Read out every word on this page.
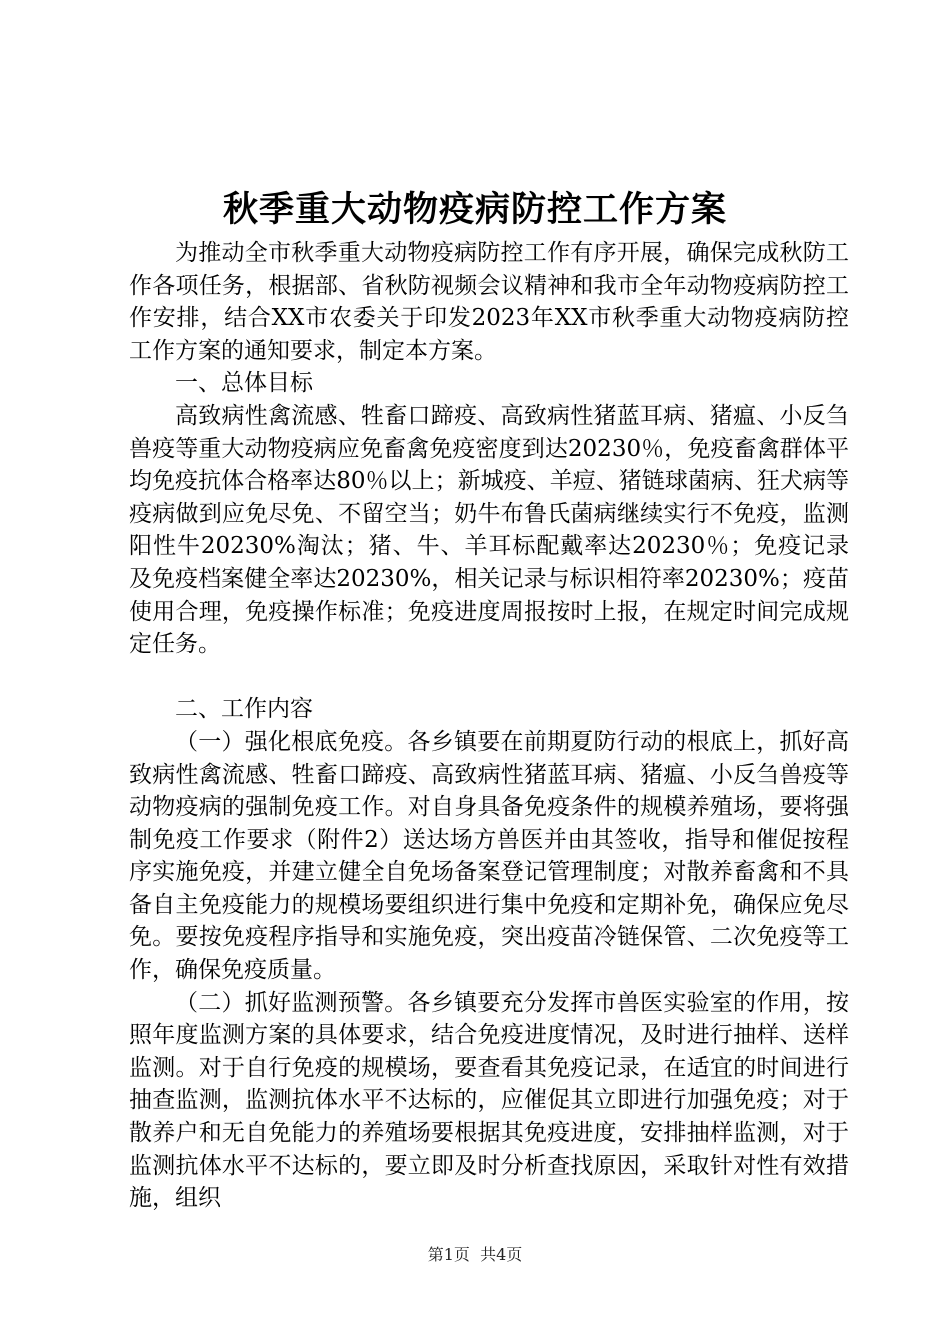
秋季重大动物疫病防控工作方案

为推动全市秋季重大动物疫病防控工作有序开展，确保完成秋防工作各项任务，根据部、省秋防视频会议精神和我市全年动物疫病防控工作安排，结合XX市农委关于印发2023年XX市秋季重大动物疫病防控工作方案的通知要求，制定本方案。

一、总体目标

高致病性禽流感、牲畜口蹄疫、高致病性猪蓝耳病、猪瘟、小反刍兽疫等重大动物疫病应免畜禽免疫密度到达20230％，免疫畜禽群体平均免疫抗体合格率达80％以上；新城疫、羊痘、猪链球菌病、狂犬病等疫病做到应免尽免、不留空当；奶牛布鲁氏菌病继续实行不免疫，监测阳性牛20230%淘汰；猪、牛、羊耳标配戴率达20230％；免疫记录及免疫档案健全率达20230%，相关记录与标识相符率20230%；疫苗使用合理，免疫操作标准；免疫进度周报按时上报，在规定时间完成规定任务。

二、工作内容

（一）强化根底免疫。各乡镇要在前期夏防行动的根底上，抓好高致病性禽流感、牲畜口蹄疫、高致病性猪蓝耳病、猪瘟、小反刍兽疫等动物疫病的强制免疫工作。对自身具备免疫条件的规模养殖场，要将强制免疫工作要求（附件2）送达场方兽医并由其签收，指导和催促按程序实施免疫，并建立健全自免场备案登记管理制度；对散养畜禽和不具备自主免疫能力的规模场要组织进行集中免疫和定期补免，确保应免尽免。要按免疫程序指导和实施免疫，突出疫苗冷链保管、二次免疫等工作，确保免疫质量。

（二）抓好监测预警。各乡镇要充分发挥市兽医实验室的作用，按照年度监测方案的具体要求，结合免疫进度情况，及时进行抽样、送样监测。对于自行免疫的规模场，要查看其免疫记录，在适宜的时间进行抽查监测，监测抗体水平不达标的，应催促其立即进行加强免疫；对于散养户和无自免能力的养殖场要根据其免疫进度，安排抽样监测，对于监测抗体水平不达标的，要立即及时分析查找原因，采取针对性有效措施，组织

第1页 共4页
